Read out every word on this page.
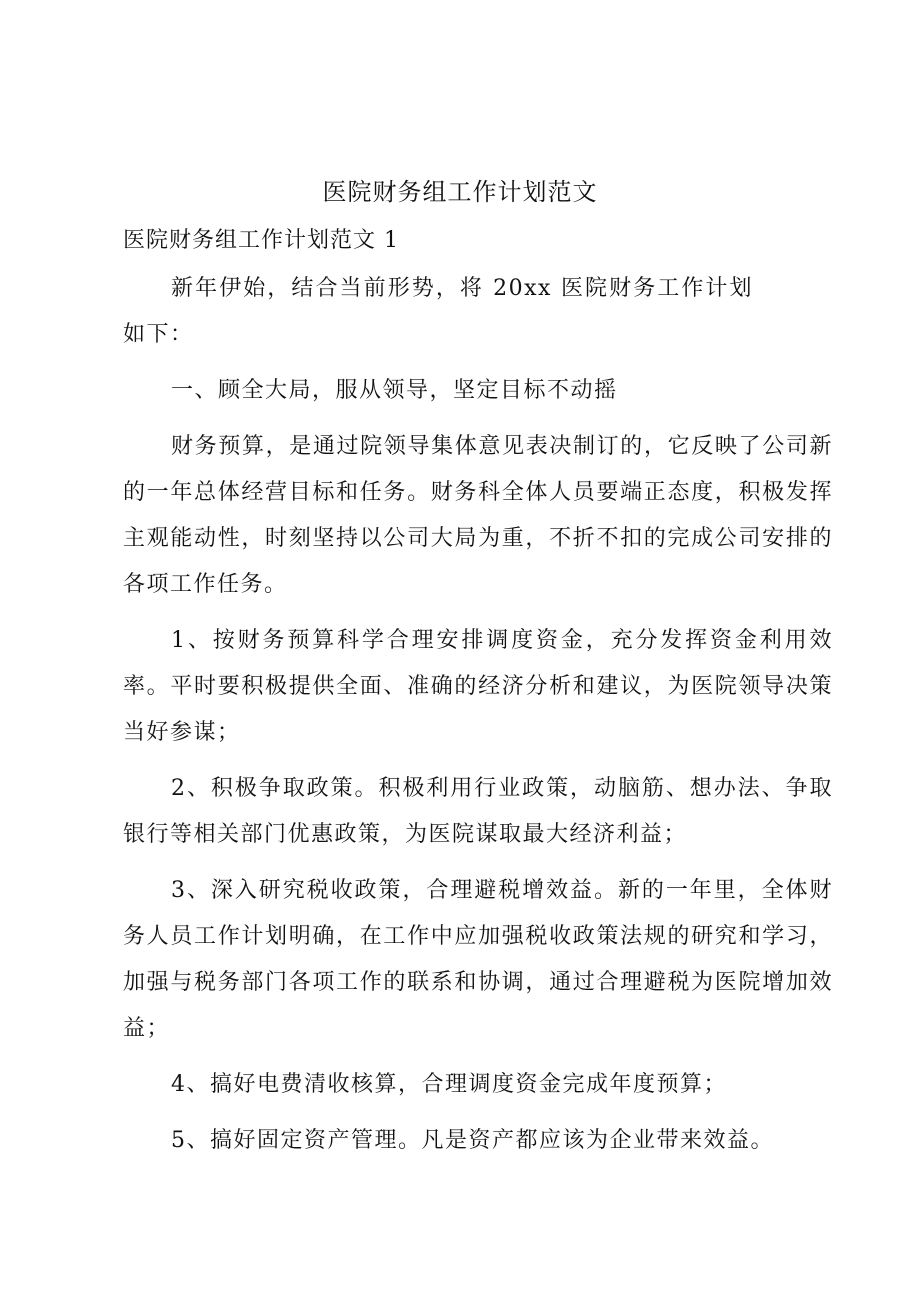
医院财务组工作计划范文
医院财务组工作计划范文 1

新年伊始，结合当前形势，将 20xx 医院财务工作计划如下：

一、顾全大局，服从领导，坚定目标不动摇

财务预算，是通过院领导集体意见表决制订的，它反映了公司新的一年总体经营目标和任务。财务科全体人员要端正态度，积极发挥主观能动性，时刻坚持以公司大局为重，不折不扣的完成公司安排的各项工作任务。

1、按财务预算科学合理安排调度资金，充分发挥资金利用效率。平时要积极提供全面、准确的经济分析和建议，为医院领导决策当好参谋；

2、积极争取政策。积极利用行业政策，动脑筋、想办法、争取银行等相关部门优惠政策，为医院谋取最大经济利益；

3、深入研究税收政策，合理避税增效益。新的一年里，全体财务人员工作计划明确，在工作中应加强税收政策法规的研究和学习，加强与税务部门各项工作的联系和协调，通过合理避税为医院增加效益；

4、搞好电费清收核算，合理调度资金完成年度预算；

5、搞好固定资产管理。凡是资产都应该为企业带来效益。
